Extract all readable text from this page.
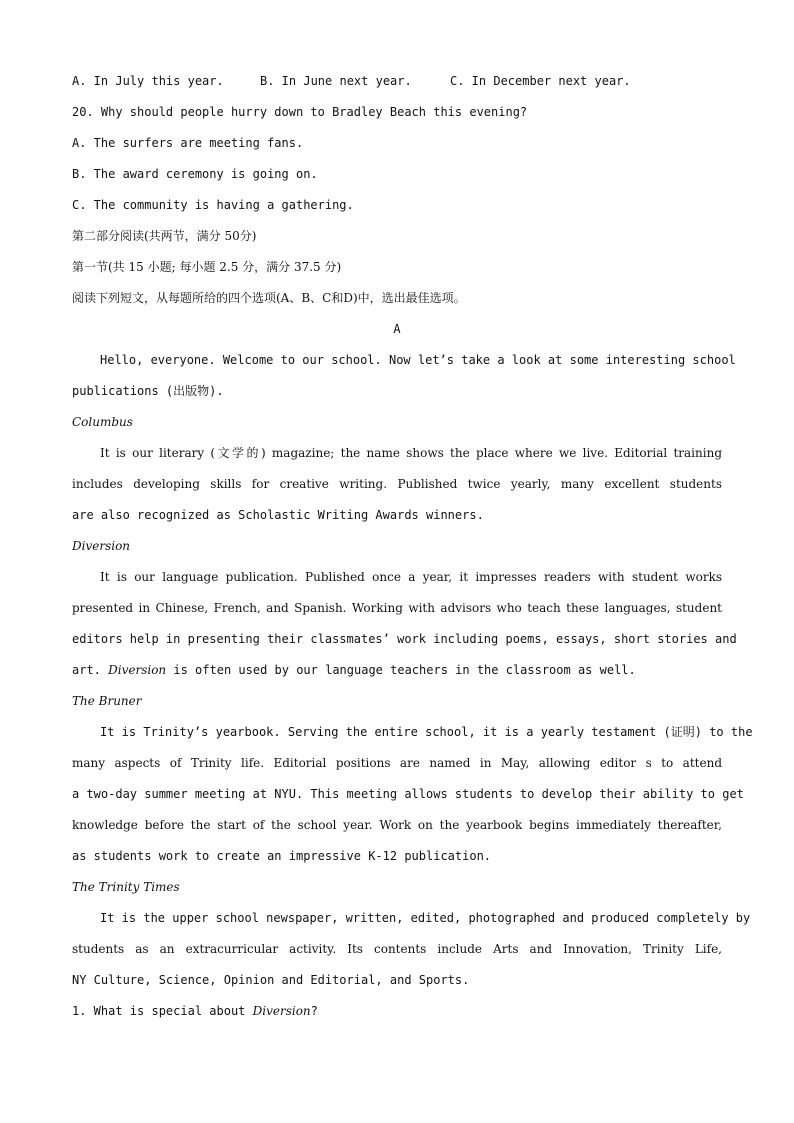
A. In July this year.	B. In June next year.	C. In December next year.
20. Why should people hurry down to Bradley Beach this evening?
A. The surfers are meeting fans.
B. The award ceremony is going on.
C. The community is having a gathering.
第二部分阅读(共两节，满分 50分)
第一节(共 15 小题; 每小题 2.5 分，满分 37.5 分)
阅读下列短文，从每题所给的四个选项(A、B、C和D)中，选出最佳选项。
A
Hello, everyone. Welcome to our school. Now let’s take a look at some interesting school
publications (出版物).
Columbus
It is our literary (文学的) magazine; the name shows the place where we live. Editorial training
includes developing skills for creative writing. Published twice yearly, many excellent students
are also recognized as Scholastic Writing Awards winners.
Diversion
It is our language publication. Published once a year, it impresses readers with student works
presented in Chinese, French, and Spanish. Working with advisors who teach these languages, student
editors help in presenting their classmates’ work including poems, essays, short stories and
art. Diversion is often used by our language teachers in the classroom as well.
The Bruner
It is Trinity’s yearbook. Serving the entire school, it is a yearly testament (证明) to the
many aspects of Trinity life. Editorial positions are named in May, allowing editor s to attend
a two-day summer meeting at NYU. This meeting allows students to develop their ability to get
knowledge before the start of the school year. Work on the yearbook begins immediately thereafter,
as students work to create an impressive K-12 publication.
The Trinity Times
It is the upper school newspaper, written, edited, photographed and produced completely by
students as an extracurricular activity. Its contents include Arts and Innovation, Trinity Life,
NY Culture, Science, Opinion and Editorial, and Sports.
1. What is special about Diversion?
